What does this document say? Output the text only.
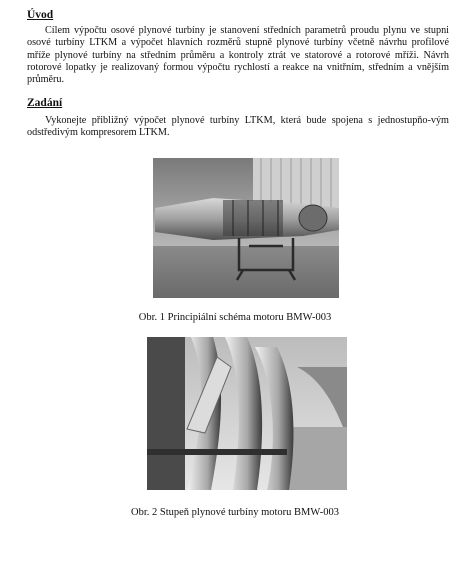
Úvod

Cílem výpočtu osové plynové turbíny je stanovení středních parametrů proudu plynu ve stupni osové turbíny LTKM a výpočet hlavních rozměrů stupně plynové turbíny včetně návrhu profilové mříže plynové turbíny na středním průměru a kontroly ztrát ve statorové a rotorové mříži. Návrh rotorové lopatky je realizovaný formou výpočtu rychlostí a reakce na vnitřním, středním a vnějším průměru.

Zadání

Vykonejte přibližný výpočet plynové turbíny LTKM, která bude spojena s jednostupňo-vým odstředivým kompresorem LTKM.

Obr. 1 Principiální schéma motoru BMW-003
Obr. 2 Stupeň plynové turbíny motoru BMW-003
